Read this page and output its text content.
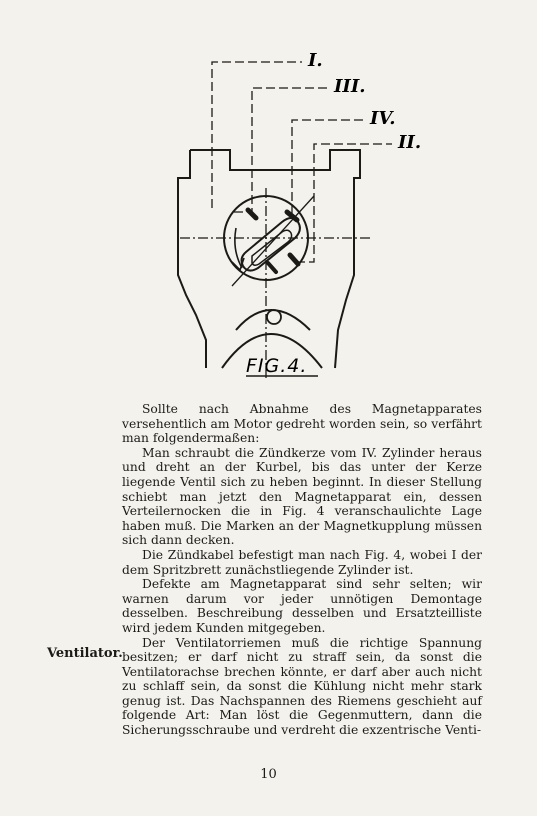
I.
III.
IV.
II.
FIG.4.

Sollte nach Abnahme des Magnetapparates versehentlich am Motor gedreht worden sein, so verfährt man folgendermaßen:

Man schraubt die Zündkerze vom IV. Zylinder heraus und dreht an der Kurbel, bis das unter der Kerze liegende Ventil sich zu heben beginnt. In dieser Stellung schiebt man jetzt den Magnetapparat ein, dessen Verteilernocken die in Fig. 4 veranschaulichte Lage haben muß. Die Marken an der Magnetkupplung müssen sich dann decken.

Die Zündkabel befestigt man nach Fig. 4, wobei I der dem Spritzbrett zunächstliegende Zylinder ist.

Defekte am Magnetapparat sind sehr selten; wir warnen darum vor jeder unnötigen Demontage desselben. Beschreibung desselben und Ersatzteilliste wird jedem Kunden mitgegeben.

Der Ventilatorriemen muß die richtige Spannung besitzen; er darf nicht zu straff sein, da sonst die Ventilatorachse brechen könnte, er darf aber auch nicht zu schlaff sein, da sonst die Kühlung nicht mehr stark genug ist. Das Nachspannen des Riemens geschieht auf folgende Art: Man löst die Gegenmuttern, dann die Sicherungsschraube und verdreht die exzentrische Venti-

Ventilator.
10
